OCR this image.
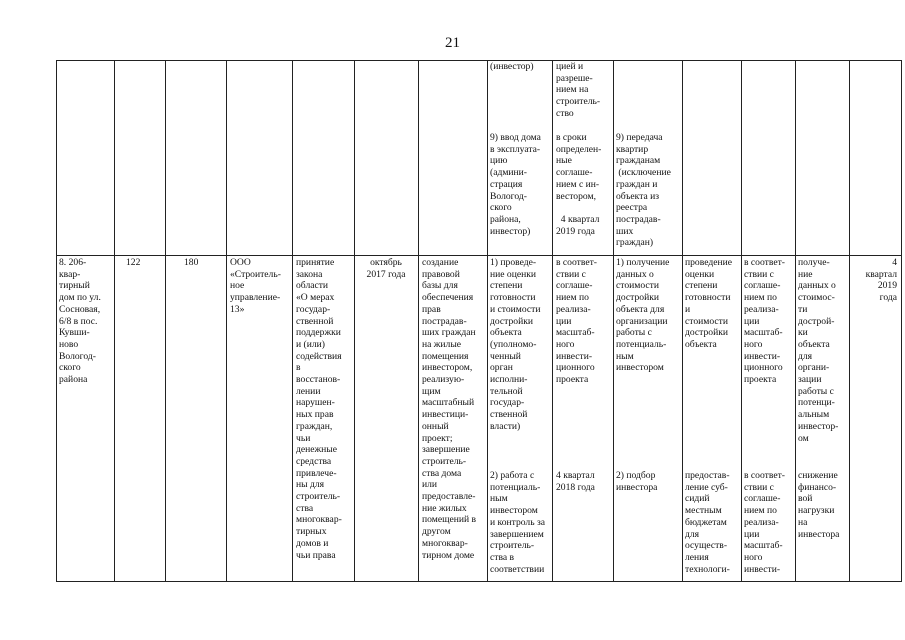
21
(инвестор) цией и
разреше-
нием на
строитель-
ство
9) ввод дома
в эксплуата-
цию
(админи-
страция
Вологод-
ского
района,
инвестор)
в сроки
определен-
ные
соглаше-
нием с ин-
вестором,

4 квартал
2019 года
9) передача
квартир
гражданам
(исключение
граждан и
объекта из
реестра
пострадав-
ших
граждан)
8. 206-
квар-
тирный
дом по ул.
Сосновая,
6/8 в пос.
Кувши-
ново
Вологод-
ского
района
122	180	ООО
«Строитель-
ное
управление-
13»
принятие
закона
области
«О мерах
государ-
ственной
поддержки
и (или)
содействия
в
восстанов-
лении
нарушен-
ных прав
граждан,
чьи
денежные
средства
привлече-
ны для
строитель-
ства
многоквар-
тирных
домов и
чьи права
октябрь
2017 года
создание
правовой
базы для
обеспечения
прав
пострадав-
ших граждан
на жилые
помещения
инвестором,
реализую-
щим
масштабный
инвестици-
онный
проект;
завершение
строитель-
ства дома
или
предоставле-
ние жилых
помещений в
другом
многоквар-
тирном доме
1) проведе-
ние оценки
степени
готовности
и стоимости
достройки
объекта
(уполномо-
ченный
орган
исполни-
тельной
государ-
ственной
власти)
2) работа с
потенциаль-
ным
инвестором
и контроль за
завершением
строитель-
ства в
соответствии
в соответ-
ствии с
соглаше-
нием по
реализа-
ции
масштаб-
ного
инвести-
ционного
проекта
4 квартал
2018 года
1) получение
данных о
стоимости
достройки
объекта для
организации
работы с
потенциаль-
ным
инвестором
2) подбор
инвестора
проведение
оценки
степени
готовности
и
стоимости
достройки
объекта
предостав-
ление суб-
сидий
местным
бюджетам
для
осуществ-
ления
технологи-
в соответ-
ствии с
соглаше-
нием по
реализа-
ции
масштаб-
ного
инвести-
ционного
проекта
в соответ-
ствии с
соглаше-
нием по
реализа-
ции
масштаб-
ного
инвести-
получе-
ние
данных о
стоимос-
ти
дострой-
ки
объекта
для
органи-
зации
работы с
потенци-
альным
инвестор-
ом
снижение
финансо-
вой
нагрузки
на
инвестора
4
квартал
2019
года
